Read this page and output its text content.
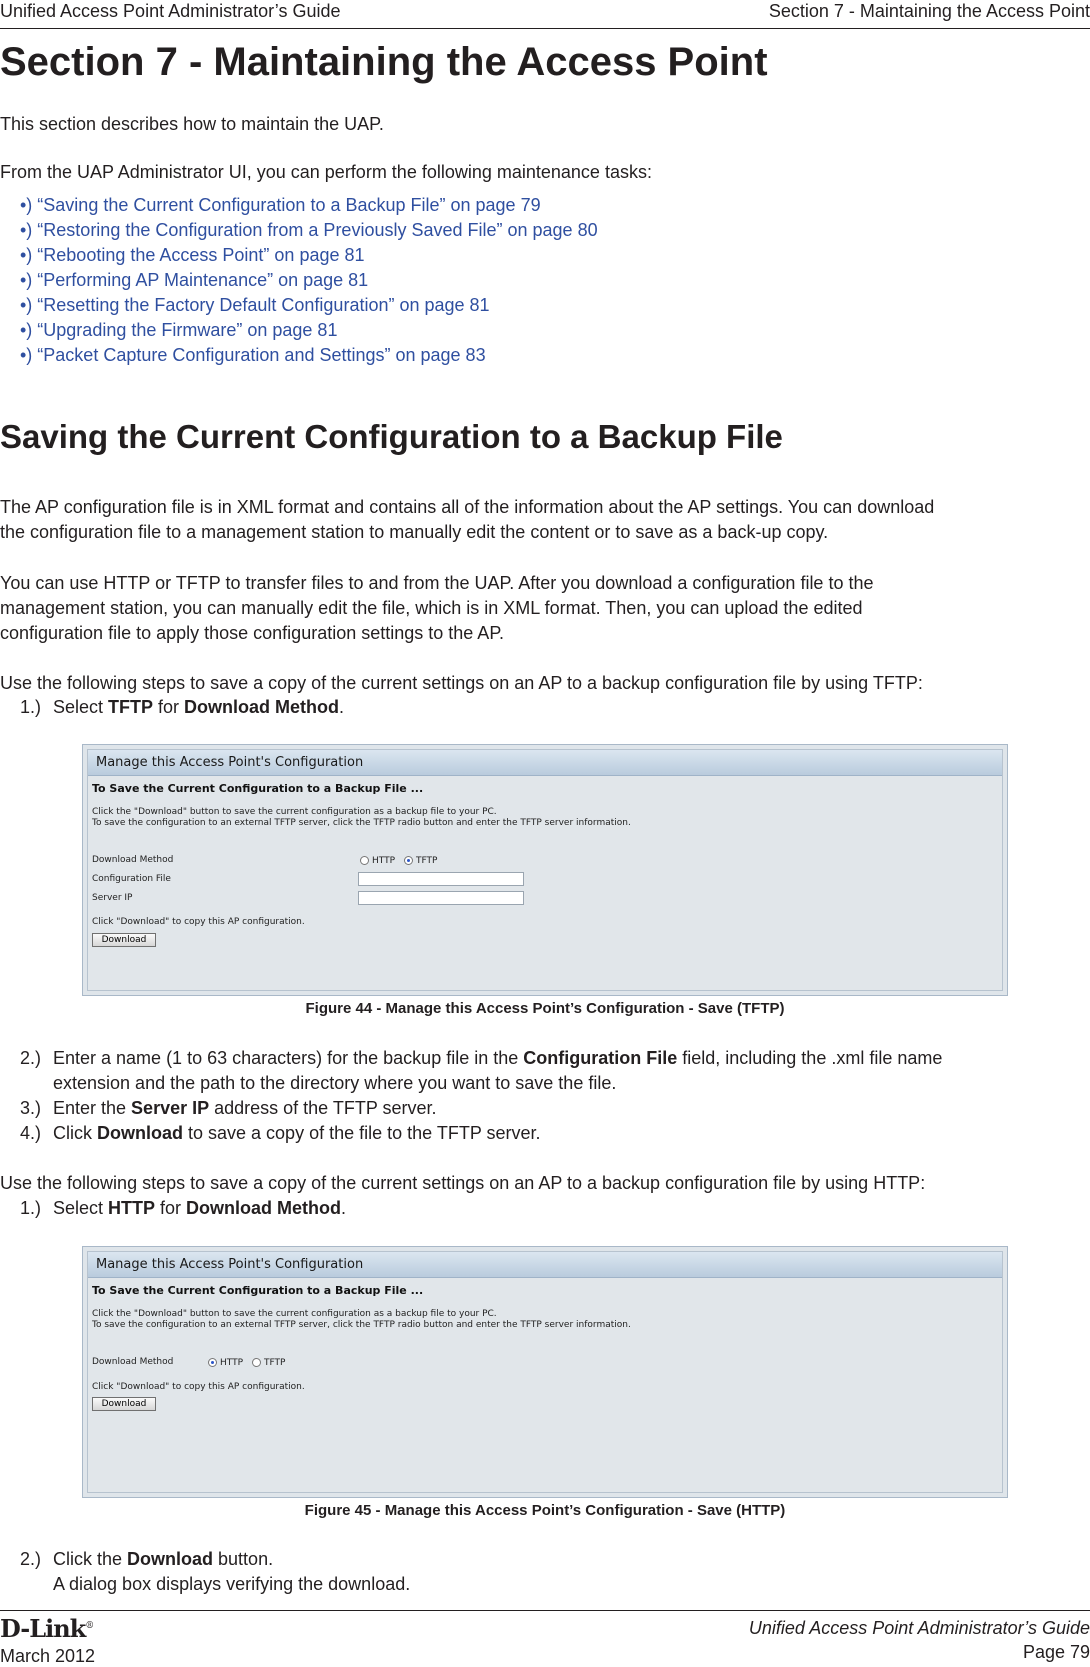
Unified Access Point Administrator’s Guide	Section 7 - Maintaining the Access Point
Section 7 - Maintaining the Access Point
This section describes how to maintain the UAP.
From the UAP Administrator UI, you can perform the following maintenance tasks:
•) “Saving the Current Configuration to a Backup File” on page 79
•) “Restoring the Configuration from a Previously Saved File” on page 80
•) “Rebooting the Access Point” on page 81
•) “Performing AP Maintenance” on page 81
•) “Resetting the Factory Default Configuration” on page 81
•) “Upgrading the Firmware” on page 81
•) “Packet Capture Configuration and Settings” on page 83
Saving the Current Configuration to a Backup File
The AP configuration file is in XML format and contains all of the information about the AP settings. You can download
the configuration file to a management station to manually edit the content or to save as a back-up copy.
You can use HTTP or TFTP to transfer files to and from the UAP. After you download a configuration file to the
management station, you can manually edit the file, which is in XML format. Then, you can upload the edited
configuration file to apply those configuration settings to the AP.
Use the following steps to save a copy of the current settings on an AP to a backup configuration file by using TFTP:
1.) Select TFTP for Download Method.
Manage this Access Point's Configuration
To Save the Current Configuration to a Backup File ...
Click the "Download" button to save the current configuration as a backup file to your PC.
To save the configuration to an external TFTP server, click the TFTP radio button and enter the TFTP server information.
Download Method	HTTP TFTP
Configuration File
Server IP
Click "Download" to copy this AP configuration.
Download
Figure 44 - Manage this Access Point’s Configuration - Save (TFTP)
2.) Enter a name (1 to 63 characters) for the backup file in the Configuration File field, including the .xml file name
extension and the path to the directory where you want to save the file.
3.) Enter the Server IP address of the TFTP server.
4.) Click Download to save a copy of the file to the TFTP server.
Use the following steps to save a copy of the current settings on an AP to a backup configuration file by using HTTP:
1.) Select HTTP for Download Method.
Manage this Access Point's Configuration
To Save the Current Configuration to a Backup File ...
Click the "Download" button to save the current configuration as a backup file to your PC.
To save the configuration to an external TFTP server, click the TFTP radio button and enter the TFTP server information.
Download Method	HTTP TFTP
Click "Download" to copy this AP configuration.
Download
Figure 45 - Manage this Access Point’s Configuration - Save (HTTP)
2.) Click the Download button.
A dialog box displays verifying the download.
D-Link®
March 2012
Unified Access Point Administrator’s Guide
Page 79
